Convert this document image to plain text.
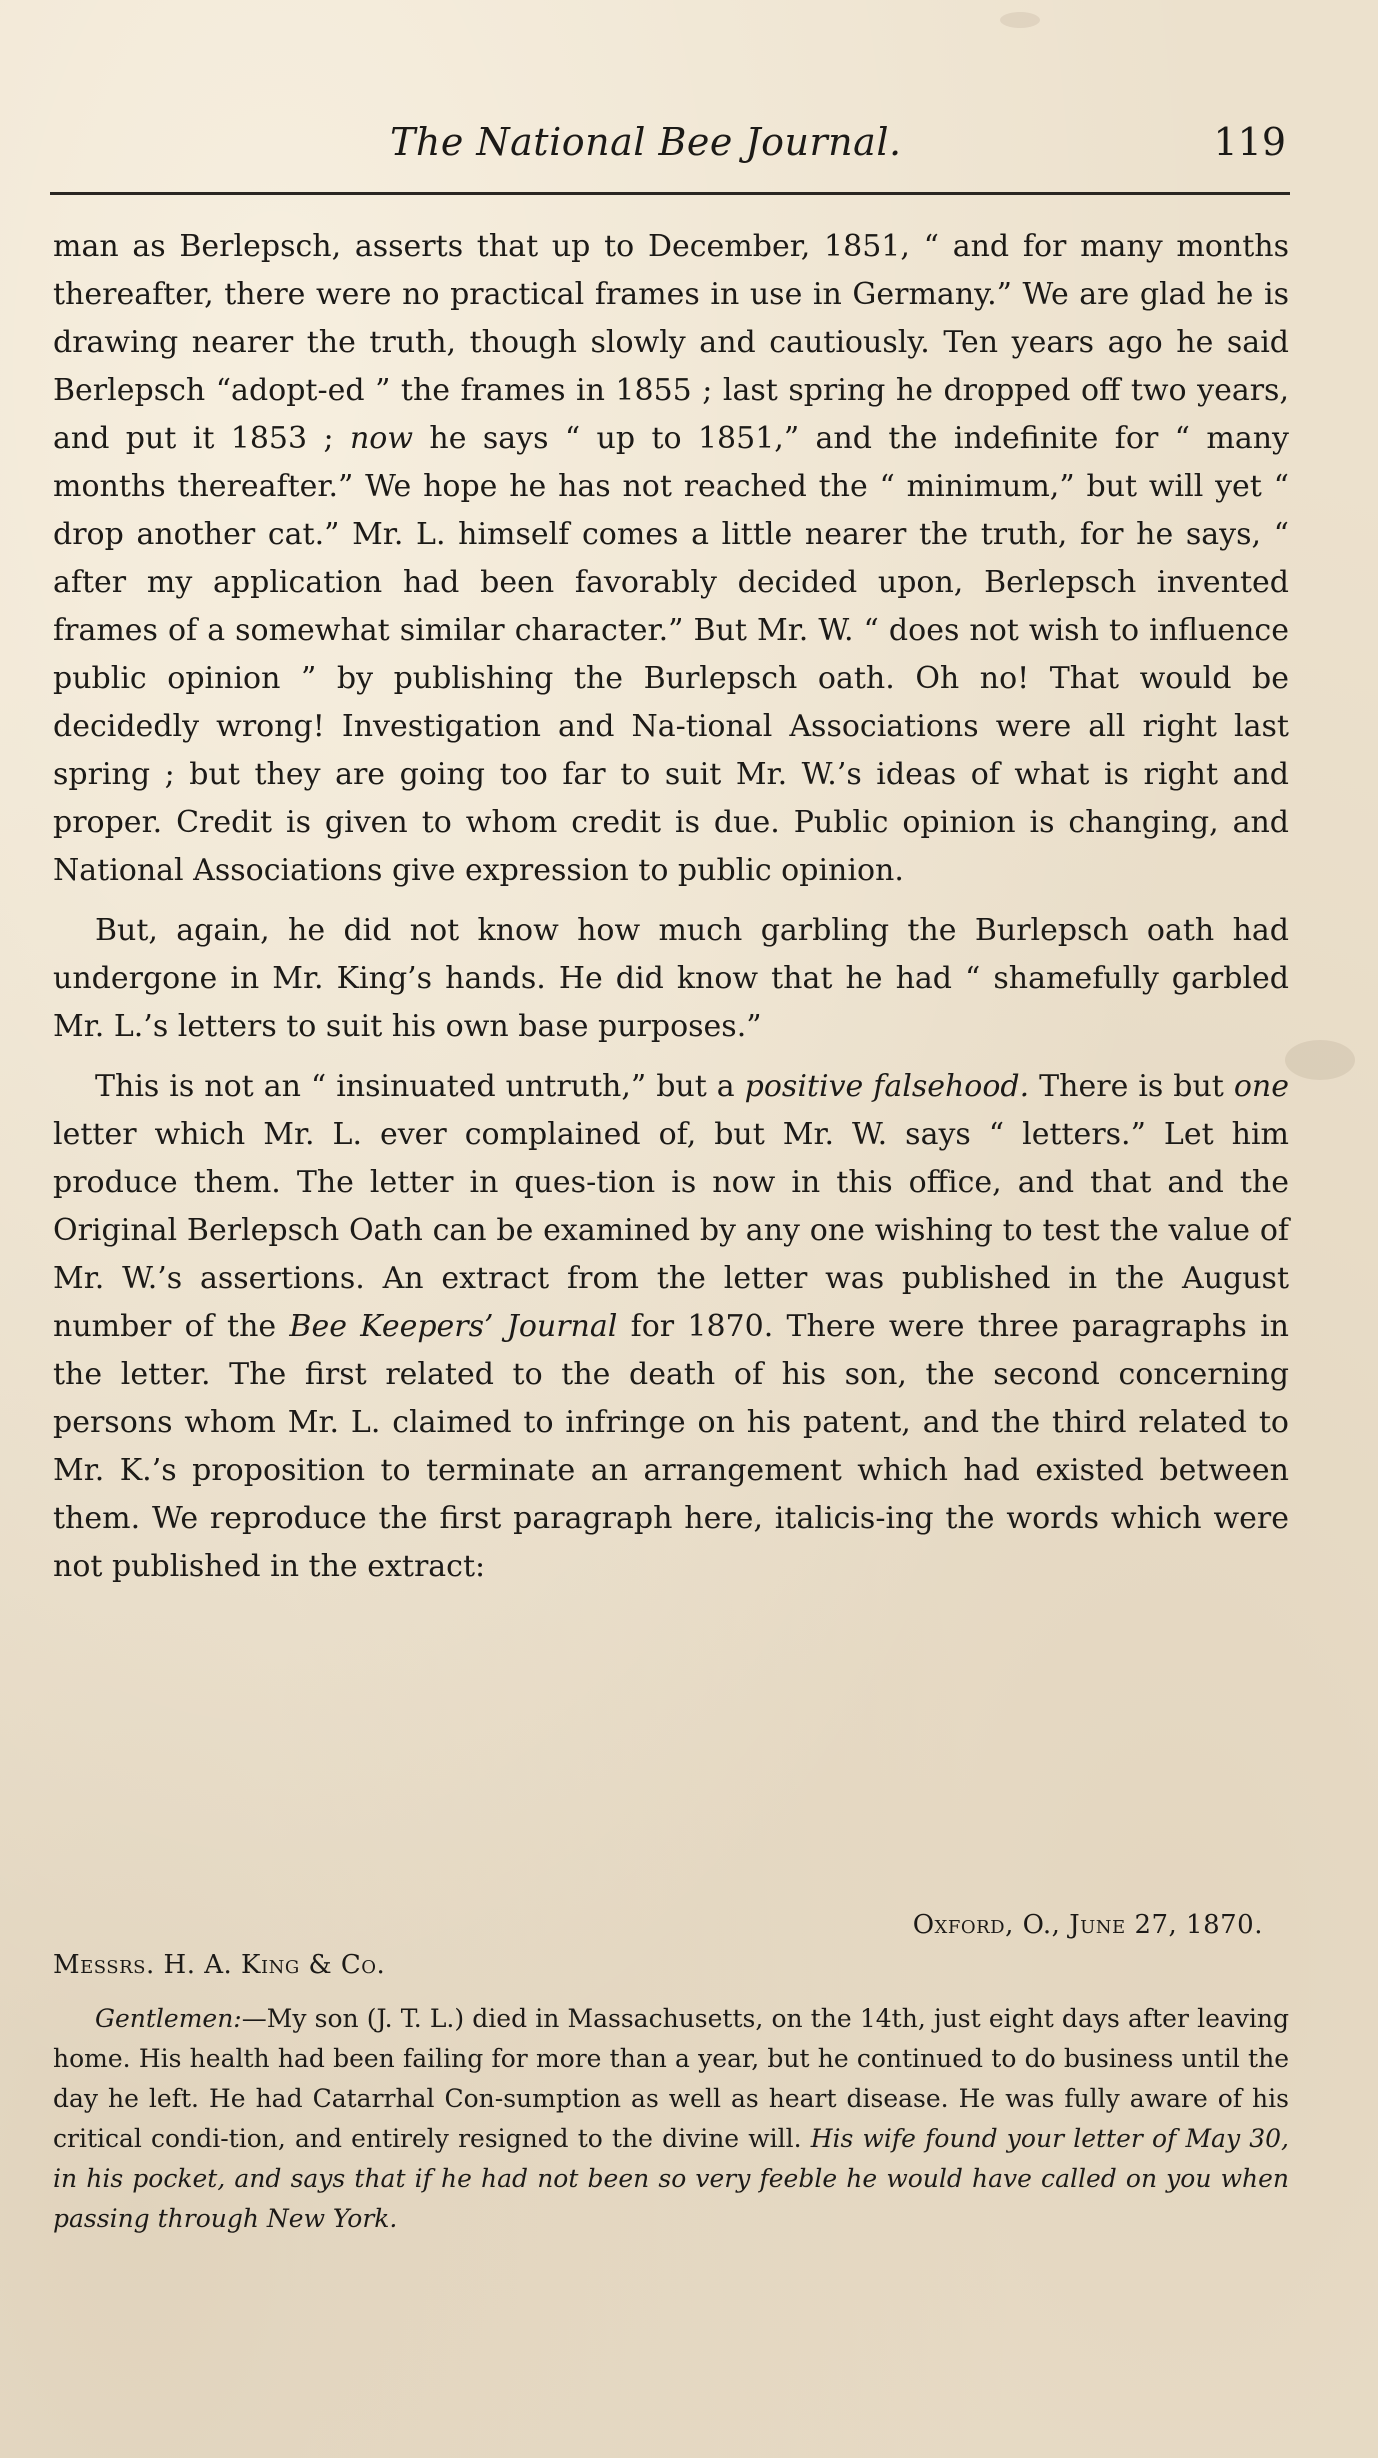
The National Bee Journal.	119

man as Berlepsch, asserts that up to December, 1851, “ and for many months thereafter, there were no practical frames in use in Germany.” We are glad he is drawing nearer the truth, though slowly and cautiously. Ten years ago he said Berlepsch “adopt-ed ” the frames in 1855 ; last spring he dropped off two years, and put it 1853 ; now he says “ up to 1851,” and the indefinite for “ many months thereafter.” We hope he has not reached the “ minimum,” but will yet “ drop another cat.” Mr. L. himself comes a little nearer the truth, for he says, “ after my application had been favorably decided upon, Berlepsch invented frames of a somewhat similar character.” But Mr. W. “ does not wish to influence public opinion ” by publishing the Burlepsch oath. Oh no! That would be decidedly wrong! Investigation and Na-tional Associations were all right last spring ; but they are going too far to suit Mr. W.’s ideas of what is right and proper. Credit is given to whom credit is due. Public opinion is changing, and National Associations give expression to public opinion.

But, again, he did not know how much garbling the Burlepsch oath had undergone in Mr. King’s hands. He did know that he had “ shamefully garbled Mr. L.’s letters to suit his own base purposes.”

This is not an “ insinuated untruth,” but a positive falsehood. There is but one letter which Mr. L. ever complained of, but Mr. W. says “ letters.” Let him produce them. The letter in ques-tion is now in this office, and that and the Original Berlepsch Oath can be examined by any one wishing to test the value of Mr. W.’s assertions. An extract from the letter was published in the August number of the Bee Keepers’ Journal for 1870. There were three paragraphs in the letter. The first related to the death of his son, the second concerning persons whom Mr. L. claimed to infringe on his patent, and the third related to Mr. K.’s proposition to terminate an arrangement which had existed between them. We reproduce the first paragraph here, italicis-ing the words which were not published in the extract:

Oxford, O., June 27, 1870.
Messrs. H. A. King & Co.

Gentlemen:—My son (J. T. L.) died in Massachusetts, on the 14th, just eight days after leaving home. His health had been failing for more than a year, but he continued to do business until the day he left. He had Catarrhal Con-sumption as well as heart disease. He was fully aware of his critical condi-tion, and entirely resigned to the divine will. His wife found your letter of May 30, in his pocket, and says that if he had not been so very feeble he would have called on you when passing through New York.
